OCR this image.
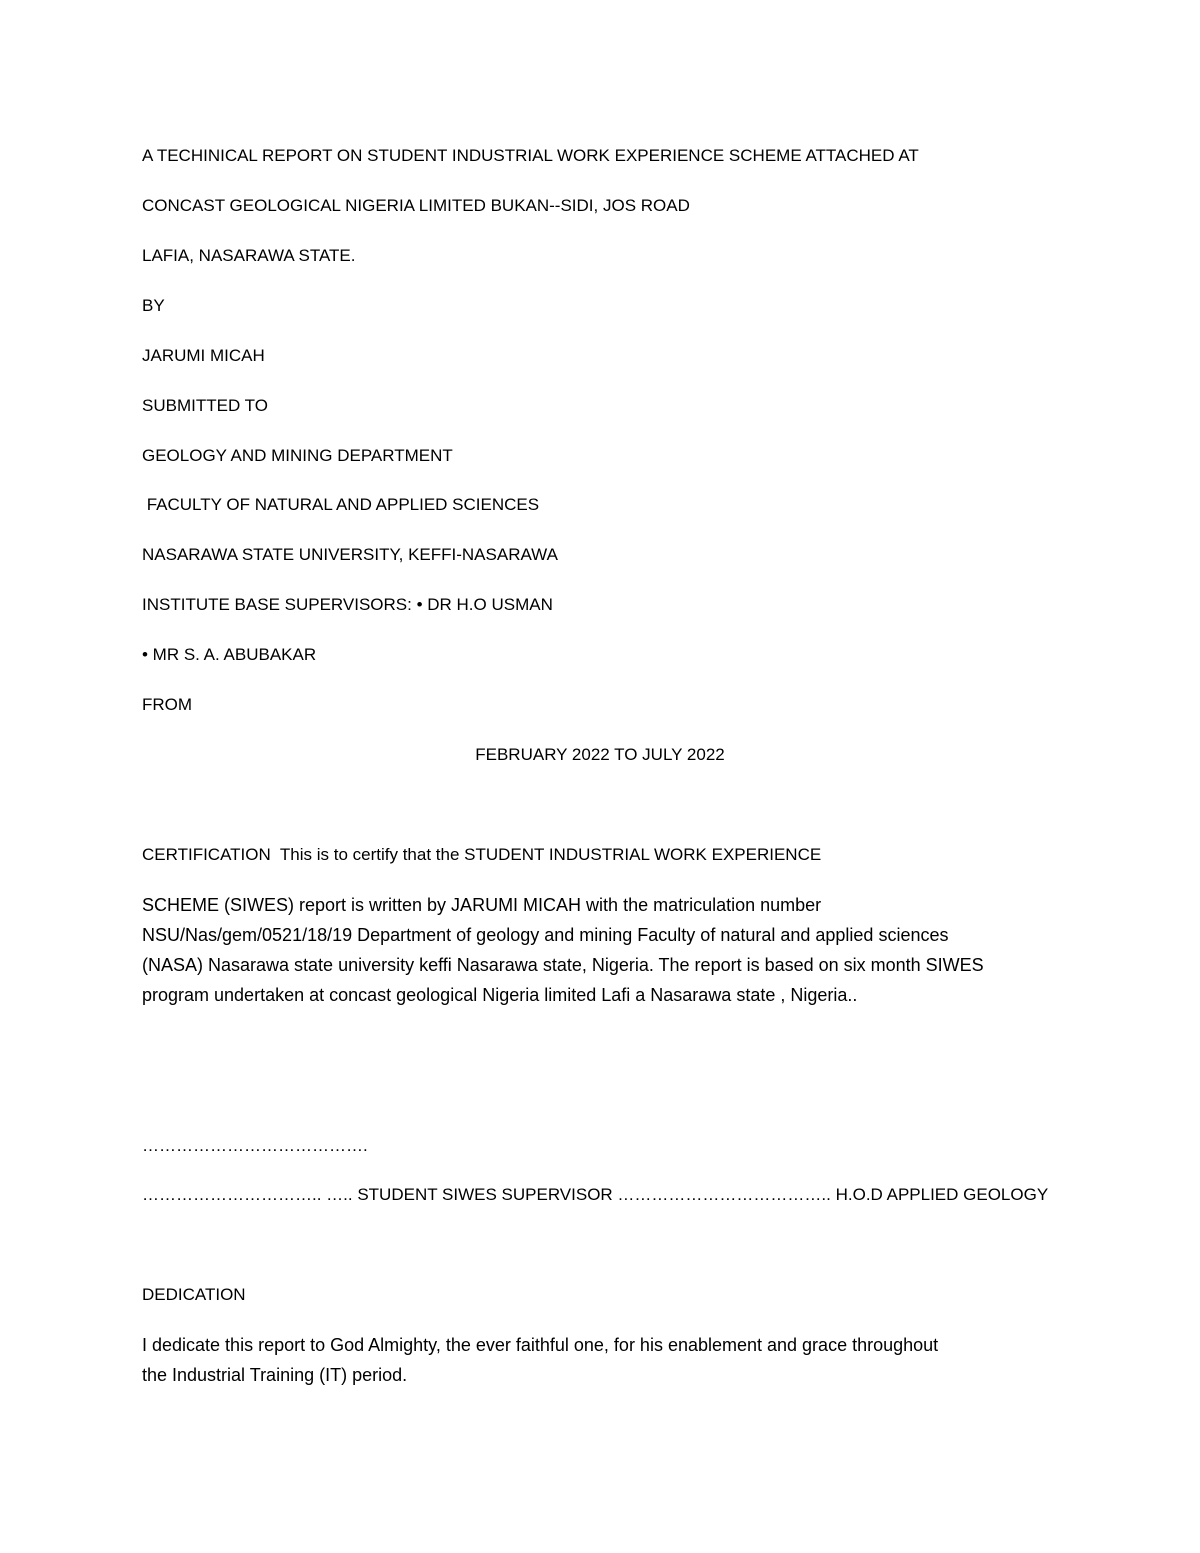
A TECHINICAL REPORT ON STUDENT INDUSTRIAL WORK EXPERIENCE SCHEME ATTACHED AT
CONCAST GEOLOGICAL NIGERIA LIMITED BUKAN--SIDI, JOS ROAD
LAFIA, NASARAWA STATE.
BY
JARUMI MICAH
SUBMITTED TO
GEOLOGY AND MINING DEPARTMENT
FACULTY OF NATURAL AND APPLIED SCIENCES
NASARAWA STATE UNIVERSITY, KEFFI-NASARAWA
INSTITUTE BASE SUPERVISORS: • DR H.O USMAN
• MR S. A. ABUBAKAR
FROM
FEBRUARY 2022 TO JULY 2022
CERTIFICATION  This is to certify that the STUDENT INDUSTRIAL WORK EXPERIENCE
SCHEME (SIWES) report is written by JARUMI MICAH with the matriculation number
NSU/Nas/gem/0521/18/19 Department of geology and mining Faculty of natural and applied sciences
(NASA) Nasarawa state university keffi Nasarawa state, Nigeria. The report is based on six month SIWES
program undertaken at concast geological Nigeria limited Lafi a Nasarawa state , Nigeria..
………………………………….
………………………….. ….. STUDENT SIWES SUPERVISOR ……………………………….. H.O.D APPLIED GEOLOGY
DEDICATION
I dedicate this report to God Almighty, the ever faithful one, for his enablement and grace throughout
the Industrial Training (IT) period.
